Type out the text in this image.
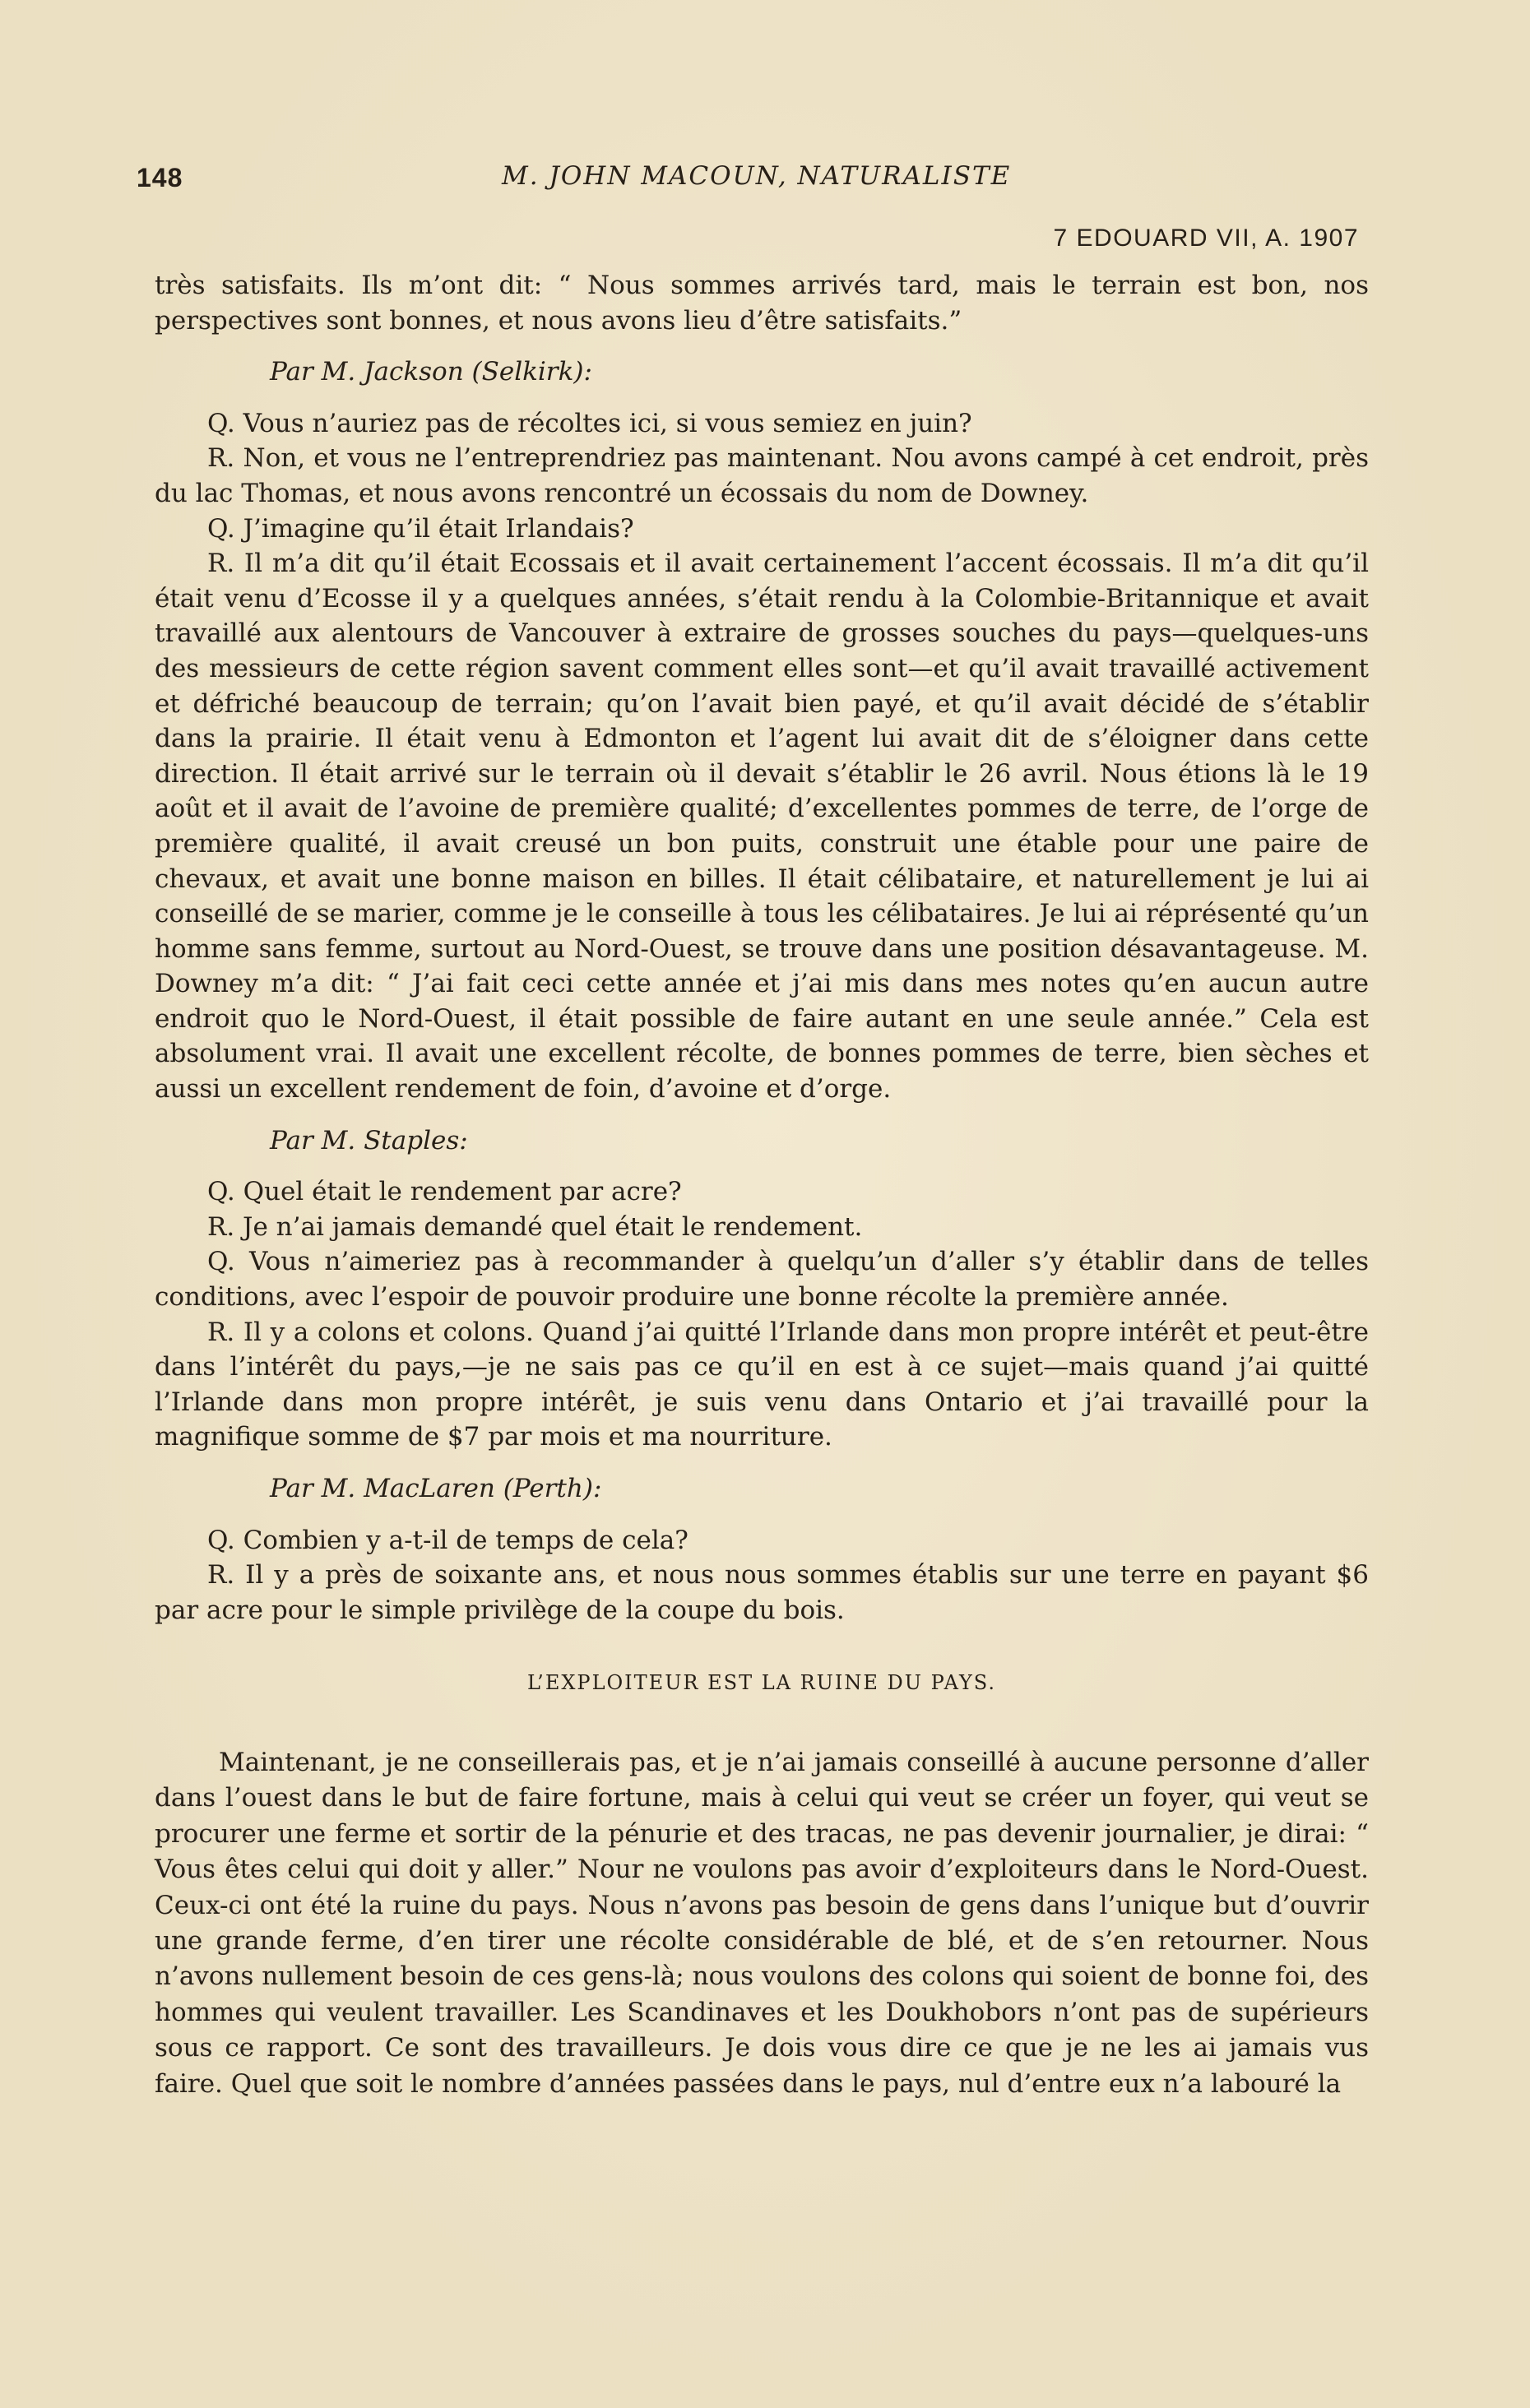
148	M. JOHN MACOUN, NATURALISTE
7 EDOUARD VII, A. 1907

très satisfaits. Ils m’ont dit: “ Nous sommes arrivés tard, mais le terrain est bon, nos perspectives sont bonnes, et nous avons lieu d’être satisfaits.”

Par M. Jackson (Selkirk):

Q. Vous n’auriez pas de récoltes ici, si vous semiez en juin?

R. Non, et vous ne l’entreprendriez pas maintenant. Nou avons campé à cet endroit, près du lac Thomas, et nous avons rencontré un écossais du nom de Downey.

Q. J’imagine qu’il était Irlandais?

R. Il m’a dit qu’il était Ecossais et il avait certainement l’accent écossais. Il m’a dit qu’il était venu d’Ecosse il y a quelques années, s’était rendu à la Colombie-Britannique et avait travaillé aux alentours de Vancouver à extraire de grosses souches du pays—quelques-uns des messieurs de cette région savent comment elles sont—et qu’il avait travaillé activement et défriché beaucoup de terrain; qu’on l’avait bien payé, et qu’il avait décidé de s’établir dans la prairie. Il était venu à Edmonton et l’agent lui avait dit de s’éloigner dans cette direction. Il était arrivé sur le terrain où il devait s’établir le 26 avril. Nous étions là le 19 août et il avait de l’avoine de première qualité; d’excellentes pommes de terre, de l’orge de première qualité, il avait creusé un bon puits, construit une étable pour une paire de chevaux, et avait une bonne maison en billes. Il était célibataire, et naturellement je lui ai conseillé de se marier, comme je le conseille à tous les célibataires. Je lui ai réprésenté qu’un homme sans femme, surtout au Nord-Ouest, se trouve dans une position désavantageuse. M. Downey m’a dit: “ J’ai fait ceci cette année et j’ai mis dans mes notes qu’en aucun autre endroit quo le Nord-Ouest, il était possible de faire autant en une seule année.” Cela est absolument vrai. Il avait une excellent récolte, de bonnes pommes de terre, bien sèches et aussi un excellent rendement de foin, d’avoine et d’orge.

Par M. Staples:

Q. Quel était le rendement par acre?

R. Je n’ai jamais demandé quel était le rendement.

Q. Vous n’aimeriez pas à recommander à quelqu’un d’aller s’y établir dans de telles conditions, avec l’espoir de pouvoir produire une bonne récolte la première année.

R. Il y a colons et colons. Quand j’ai quitté l’Irlande dans mon propre intérêt et peut-être dans l’intérêt du pays,—je ne sais pas ce qu’il en est à ce sujet—mais quand j’ai quitté l’Irlande dans mon propre intérêt, je suis venu dans Ontario et j’ai travaillé pour la magnifique somme de $7 par mois et ma nourriture.

Par M. MacLaren (Perth):

Q. Combien y a-t-il de temps de cela?

R. Il y a près de soixante ans, et nous nous sommes établis sur une terre en payant $6 par acre pour le simple privilège de la coupe du bois.

L’EXPLOITEUR EST LA RUINE DU PAYS.

Maintenant, je ne conseillerais pas, et je n’ai jamais conseillé à aucune personne d’aller dans l’ouest dans le but de faire fortune, mais à celui qui veut se créer un foyer, qui veut se procurer une ferme et sortir de la pénurie et des tracas, ne pas devenir journalier, je dirai: “ Vous êtes celui qui doit y aller.” Nour ne voulons pas avoir d’exploiteurs dans le Nord-Ouest. Ceux-ci ont été la ruine du pays. Nous n’avons pas besoin de gens dans l’unique but d’ouvrir une grande ferme, d’en tirer une récolte considérable de blé, et de s’en retourner. Nous n’avons nullement besoin de ces gens-là; nous voulons des colons qui soient de bonne foi, des hommes qui veulent travailler. Les Scandinaves et les Doukhobors n’ont pas de supérieurs sous ce rapport. Ce sont des travailleurs. Je dois vous dire ce que je ne les ai jamais vus faire. Quel que soit le nombre d’années passées dans le pays, nul d’entre eux n’a labouré la
